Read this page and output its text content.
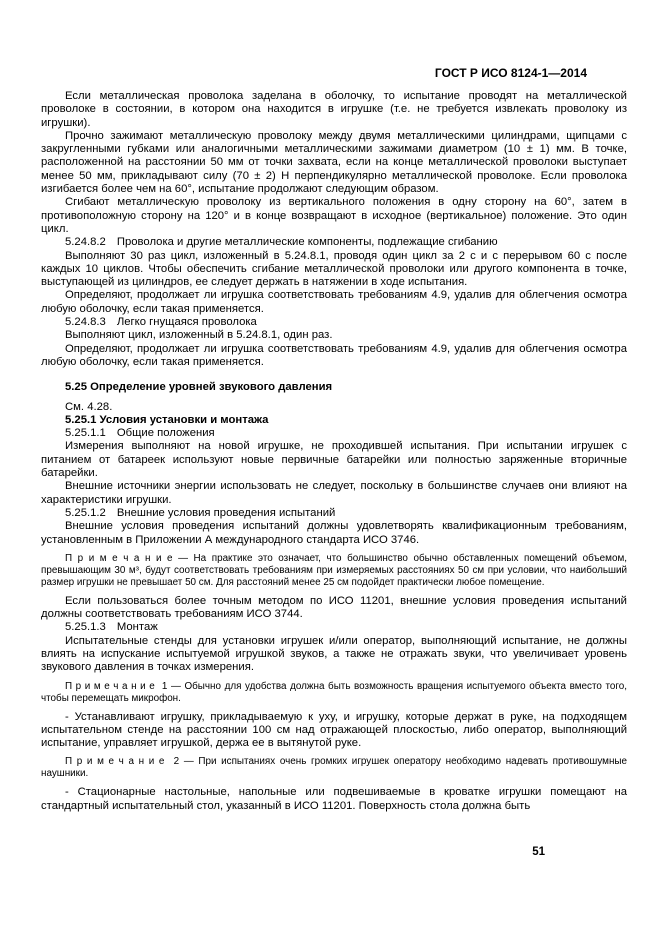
ГОСТ Р ИСО 8124-1—2014

Если металлическая проволока заделана в оболочку, то испытание проводят на металлической проволоке в состоянии, в котором она находится в игрушке (т.е. не требуется извлекать проволоку из игрушки).

Прочно зажимают металлическую проволоку между двумя металлическими цилиндрами, щипцами с закругленными губками или аналогичными металлическими зажимами диаметром (10 ± 1) мм. В точке, расположенной на расстоянии 50 мм от точки захвата, если на конце металлической проволоки выступает менее 50 мм, прикладывают силу (70 ± 2) Н перпендикулярно металлической проволоке. Если проволока изгибается более чем на 60°, испытание продолжают следующим образом.

Сгибают металлическую проволоку из вертикального положения в одну сторону на 60°, затем в противоположную сторону на 120° и в конце возвращают в исходное (вертикальное) положение. Это один цикл.

5.24.8.2 Проволока и другие металлические компоненты, подлежащие сгибанию

Выполняют 30 раз цикл, изложенный в 5.24.8.1, проводя один цикл за 2 с и с перерывом 60 с после каждых 10 циклов. Чтобы обеспечить сгибание металлической проволоки или другого компонента в точке, выступающей из цилиндров, ее следует держать в натяжении в ходе испытания.

Определяют, продолжает ли игрушка соответствовать требованиям 4.9, удалив для облегчения осмотра любую оболочку, если такая применяется.

5.24.8.3 Легко гнущаяся проволока

Выполняют цикл, изложенный в 5.24.8.1, один раз.

Определяют, продолжает ли игрушка соответствовать требованиям 4.9, удалив для облегчения осмотра любую оболочку, если такая применяется.

5.25 Определение уровней звукового давления

См. 4.28.

5.25.1 Условия установки и монтажа

5.25.1.1 Общие положения

Измерения выполняют на новой игрушке, не проходившей испытания. При испытании игрушек с питанием от батареек используют новые первичные батарейки или полностью заряженные вторичные батарейки.

Внешние источники энергии использовать не следует, поскольку в большинстве случаев они влияют на характеристики игрушки.

5.25.1.2 Внешние условия проведения испытаний

Внешние условия проведения испытаний должны удовлетворять квалификационным требованиям, установленным в Приложении А международного стандарта ИСО 3746.

П р и м е ч а н и е — На практике это означает, что большинство обычно обставленных помещений объемом, превышающим 30 м³, будут соответствовать требованиям при измеряемых расстояниях 50 см при условии, что наибольший размер игрушки не превышает 50 см. Для расстояний менее 25 см подойдет практически любое помещение.

Если пользоваться более точным методом по ИСО 11201, внешние условия проведения испытаний должны соответствовать требованиям ИСО 3744.

5.25.1.3 Монтаж

Испытательные стенды для установки игрушек и/или оператор, выполняющий испытание, не должны влиять на испускание испытуемой игрушкой звуков, а также не отражать звуки, что увеличивает уровень звукового давления в точках измерения.

П р и м е ч а н и е  1 — Обычно для удобства должна быть возможность вращения испытуемого объекта вместо того, чтобы перемещать микрофон.

- Устанавливают игрушку, прикладываемую к уху, и игрушку, которые держат в руке, на подходящем испытательном стенде на расстоянии 100 см над отражающей плоскостью, либо оператор, выполняющий испытание, управляет игрушкой, держа ее в вытянутой руке.

П р и м е ч а н и е  2 — При испытаниях очень громких игрушек оператору необходимо надевать противошумные наушники.

- Стационарные настольные, напольные или подвешиваемые в кроватке игрушки помещают на стандартный испытательный стол, указанный в ИСО 11201. Поверхность стола должна быть

51
